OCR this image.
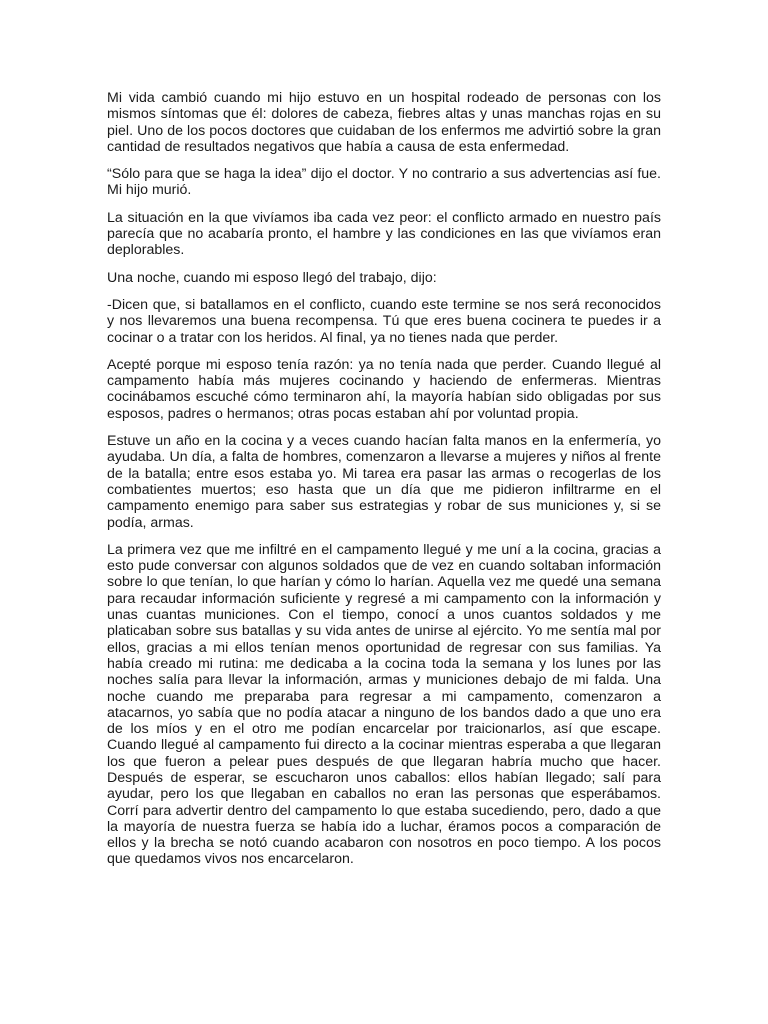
Mi vida cambió cuando mi hijo estuvo en un hospital rodeado de personas con los mismos síntomas que él: dolores de cabeza, fiebres altas y unas manchas rojas en su piel. Uno de los pocos doctores que cuidaban de los enfermos me advirtió sobre la gran cantidad de resultados negativos que había a causa de esta enfermedad.

“Sólo para que se haga la idea” dijo el doctor. Y no contrario a sus advertencias así fue. Mi hijo murió.

La situación en la que vivíamos iba cada vez peor: el conflicto armado en nuestro país parecía que no acabaría pronto, el hambre y las condiciones en las que vivíamos eran deplorables.

Una noche, cuando mi esposo llegó del trabajo, dijo:

-Dicen que, si batallamos en el conflicto, cuando este termine se nos será reconocidos y nos llevaremos una buena recompensa. Tú que eres buena cocinera te puedes ir a cocinar o a tratar con los heridos. Al final, ya no tienes nada que perder.

Acepté porque mi esposo tenía razón: ya no tenía nada que perder. Cuando llegué al campamento había más mujeres cocinando y haciendo de enfermeras. Mientras cocinábamos escuché cómo terminaron ahí, la mayoría habían sido obligadas por sus esposos, padres o hermanos; otras pocas estaban ahí por voluntad propia.

Estuve un año en la cocina y a veces cuando hacían falta manos en la enfermería, yo ayudaba. Un día, a falta de hombres, comenzaron a llevarse a mujeres y niños al frente de la batalla; entre esos estaba yo. Mi tarea era pasar las armas o recogerlas de los combatientes muertos; eso hasta que un día que me pidieron infiltrarme en el campamento enemigo para saber sus estrategias y robar de sus municiones y, si se podía, armas.

La primera vez que me infiltré en el campamento llegué y me uní a la cocina, gracias a esto pude conversar con algunos soldados que de vez en cuando soltaban información sobre lo que tenían, lo que harían y cómo lo harían. Aquella vez me quedé una semana para recaudar información suficiente y regresé a mi campamento con la información y unas cuantas municiones. Con el tiempo, conocí a unos cuantos soldados y me platicaban sobre sus batallas y su vida antes de unirse al ejército. Yo me sentía mal por ellos, gracias a mi ellos tenían menos oportunidad de regresar con sus familias. Ya había creado mi rutina: me dedicaba a la cocina toda la semana y los lunes por las noches salía para llevar la información, armas y municiones debajo de mi falda. Una noche cuando me preparaba para regresar a mi campamento, comenzaron a atacarnos, yo sabía que no podía atacar a ninguno de los bandos dado a que uno era de los míos y en el otro me podían encarcelar por traicionarlos, así que escape. Cuando llegué al campamento fui directo a la cocinar mientras esperaba a que llegaran los que fueron a pelear pues después de que llegaran habría mucho que hacer. Después de esperar, se escucharon unos caballos: ellos habían llegado; salí para ayudar, pero los que llegaban en caballos no eran las personas que esperábamos. Corrí para advertir dentro del campamento lo que estaba sucediendo, pero, dado a que la mayoría de nuestra fuerza se había ido a luchar, éramos pocos a comparación de ellos y la brecha se notó cuando acabaron con nosotros en poco tiempo. A los pocos que quedamos vivos nos encarcelaron.
